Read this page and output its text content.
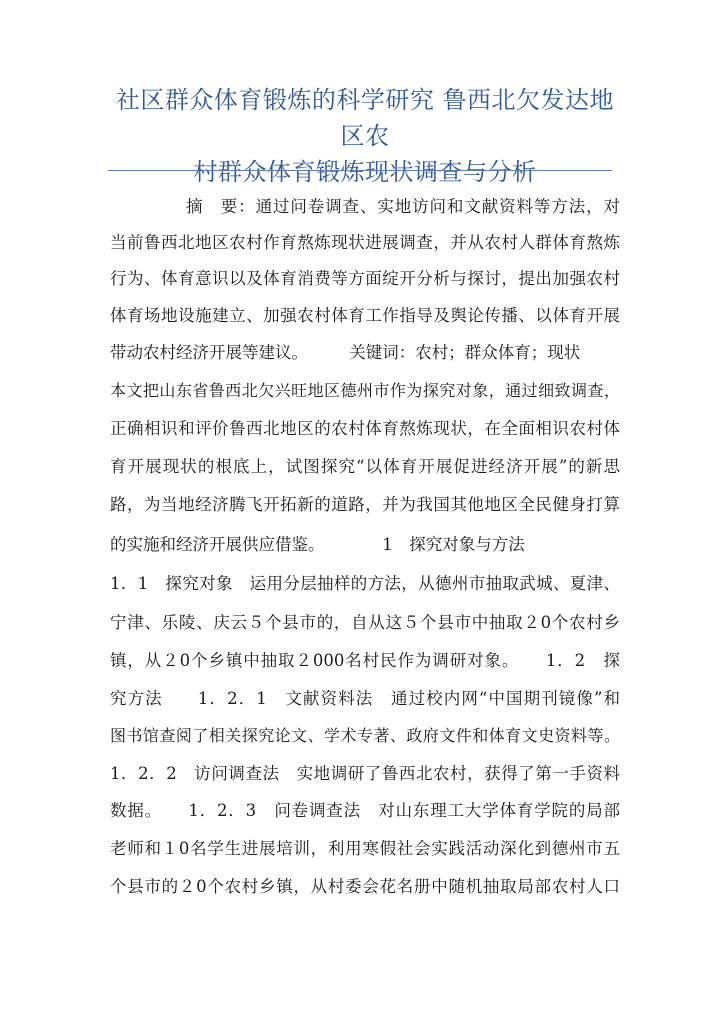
社区群众体育锻炼的科学研究 鲁西北欠发达地区农
村群众体育锻炼现状调查与分析
摘　要：通过问卷调查、实地访问和文献资料等方法，对
当前鲁西北地区农村作育熬炼现状进展调查，并从农村人群体育熬炼
行为、体育意识以及体育消费等方面绽开分析与探讨，提出加强农村
体育场地设施建立、加强农村体育工作指导及舆论传播、以体育开展
带动农村经济开展等建议。　　　关键词：农村；群众体育；现状
本文把山东省鲁西北欠兴旺地区德州市作为探究对象，通过细致调查，
正确相识和评价鲁西北地区的农村体育熬炼现状，在全面相识农村体
育开展现状的根底上，试图探究“以体育开展促进经济开展”的新思
路，为当地经济腾飞开拓新的道路，并为我国其他地区全民健身打算
的实施和经济开展供应借鉴。　　　　1　探究对象与方法
1．1　探究对象　运用分层抽样的方法，从德州市抽取武城、夏津、
宁津、乐陵、庆云５个县市的，自从这５个县市中抽取２0个农村乡
镇，从２0个乡镇中抽取２000名村民作为调研对象。　　1．2　探
究方法　　1．2．1　文献资料法　通过校内网“中国期刊镜像”和
图书馆查阅了相关探究论文、学术专著、政府文件和体育文史资料等。
1．2．2　访问调查法　实地调研了鲁西北农村，获得了第一手资料
数据。　　1．2．3　问卷调查法　对山东理工大学体育学院的局部
老师和１0名学生进展培训，利用寒假社会实践活动深化到德州市五
个县市的２0个农村乡镇，从村委会花名册中随机抽取局部农村人口
